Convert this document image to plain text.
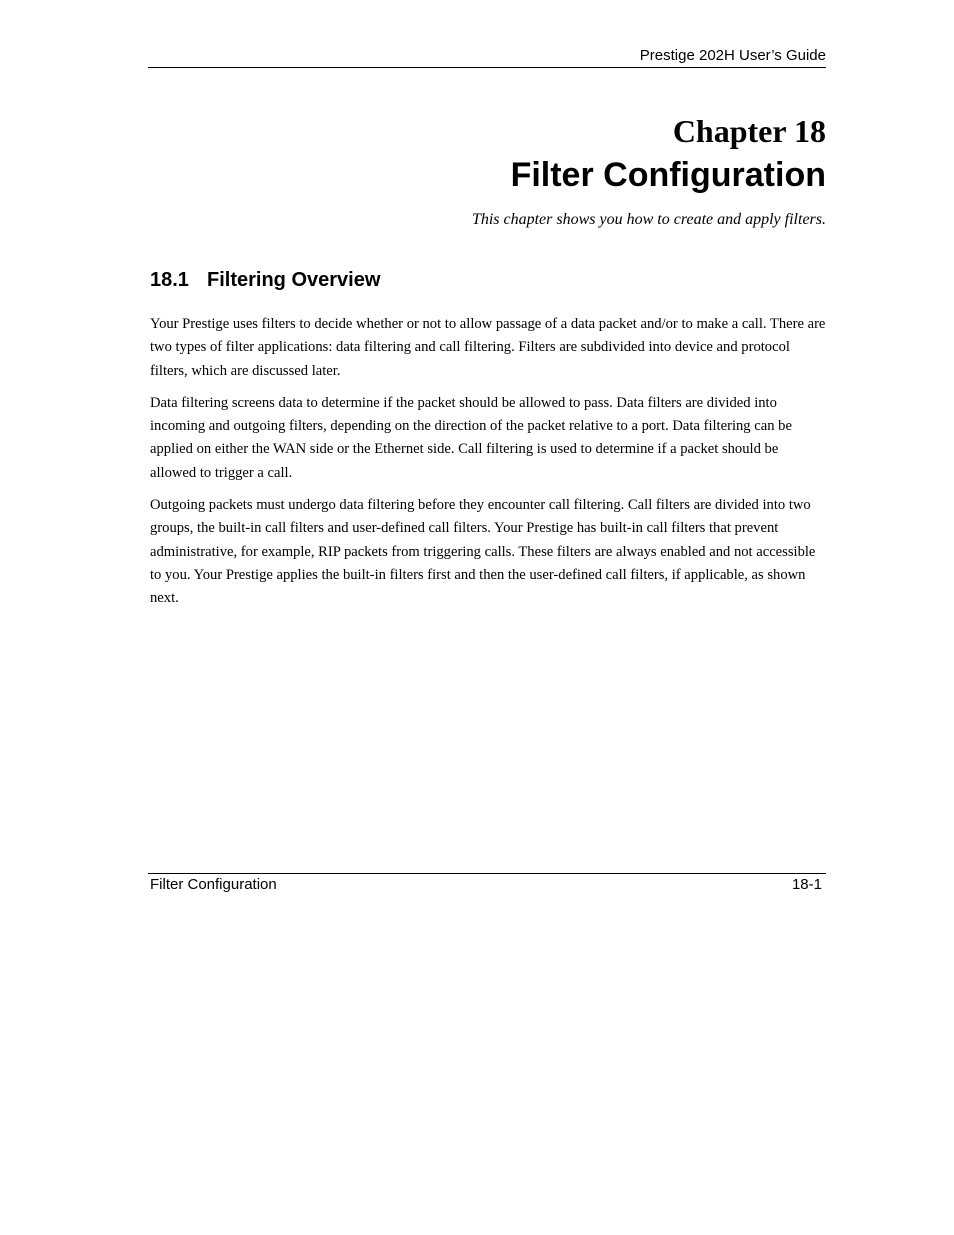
Prestige 202H User’s Guide
Chapter 18
Filter Configuration

This chapter shows you how to create and apply filters.

18.1 Filtering Overview

Your Prestige uses filters to decide whether or not to allow passage of a data packet and/or to make a call. There are two types of filter applications: data filtering and call filtering. Filters are subdivided into device and protocol filters, which are discussed later.

Data filtering screens data to determine if the packet should be allowed to pass. Data filters are divided into incoming and outgoing filters, depending on the direction of the packet relative to a port. Data filtering can be applied on either the WAN side or the Ethernet side. Call filtering is used to determine if a packet should be allowed to trigger a call.

Outgoing packets must undergo data filtering before they encounter call filtering. Call filters are divided into two groups, the built-in call filters and user-defined call filters. Your Prestige has built-in call filters that prevent administrative, for example, RIP packets from triggering calls. These filters are always enabled and not accessible to you. Your Prestige applies the built-in filters first and then the user-defined call filters, if applicable, as shown next.

Filter Configuration	18-1
